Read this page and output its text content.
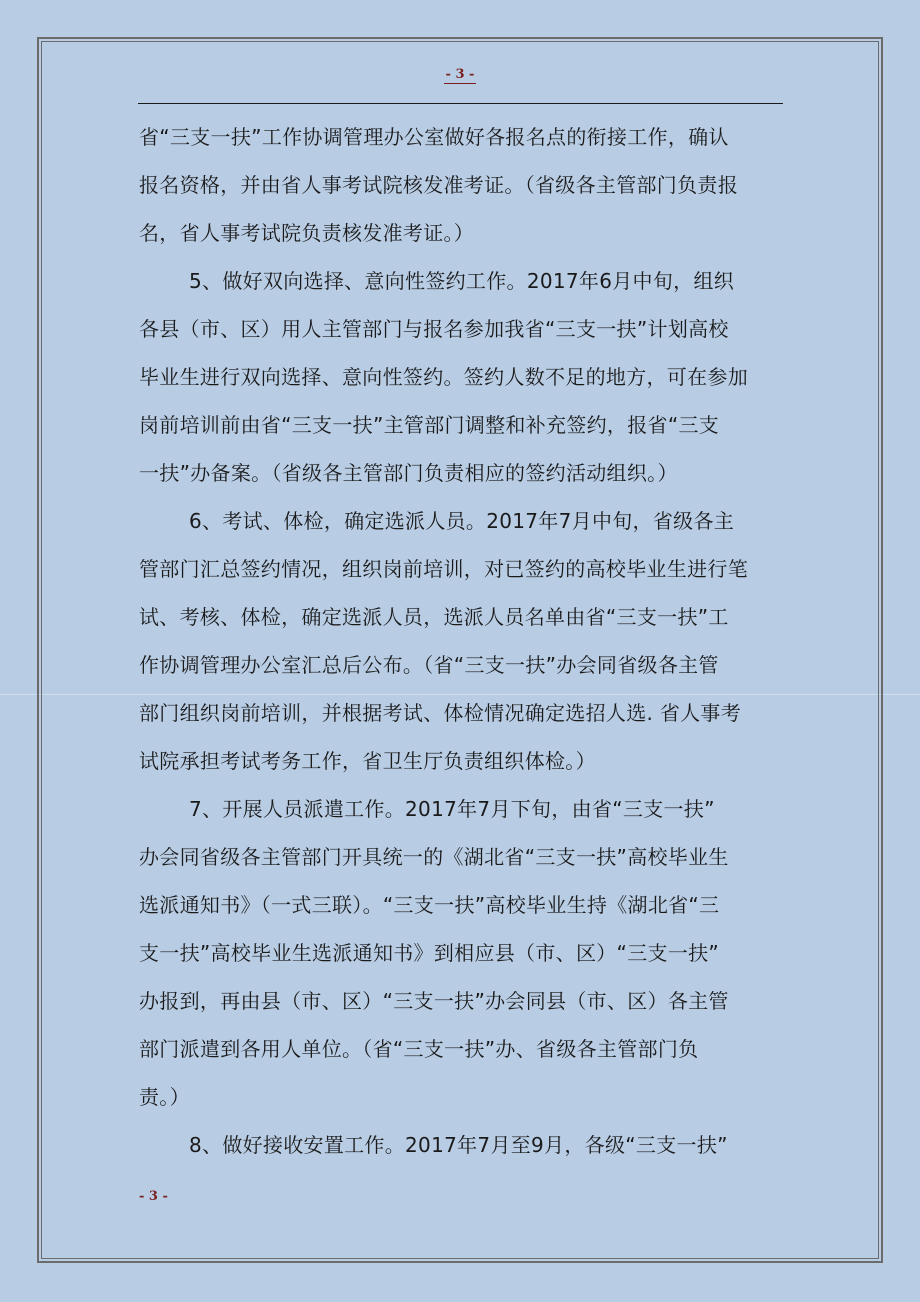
- 3 -
省“三支一扶”工作协调管理办公室做好各报名点的衔接工作，确认
报名资格，并由省人事考试院核发准考证。（省级各主管部门负责报
名，省人事考试院负责核发准考证。）
5、做好双向选择、意向性签约工作。2017年6月中旬，组织
各县（市、区）用人主管部门与报名参加我省“三支一扶”计划高校
毕业生进行双向选择、意向性签约。签约人数不足的地方，可在参加
岗前培训前由省“三支一扶”主管部门调整和补充签约，报省“三支
一扶”办备案。（省级各主管部门负责相应的签约活动组织。）
6、考试、体检，确定选派人员。2017年7月中旬，省级各主
管部门汇总签约情况，组织岗前培训，对已签约的高校毕业生进行笔
试、考核、体检，确定选派人员，选派人员名单由省“三支一扶”工
作协调管理办公室汇总后公布。（省“三支一扶”办会同省级各主管
部门组织岗前培训，并根据考试、体检情况确定选招人选. 省人事考
试院承担考试考务工作，省卫生厅负责组织体检。）
7、开展人员派遣工作。2017年7月下旬，由省“三支一扶”
办会同省级各主管部门开具统一的《湖北省“三支一扶”高校毕业生
选派通知书》（一式三联）。“三支一扶”高校毕业生持《湖北省“三
支一扶”高校毕业生选派通知书》到相应县（市、区）“三支一扶”
办报到，再由县（市、区）“三支一扶”办会同县（市、区）各主管
部门派遣到各用人单位。（省“三支一扶”办、省级各主管部门负
责。）
8、做好接收安置工作。2017年7月至9月，各级“三支一扶”
- 3 -
